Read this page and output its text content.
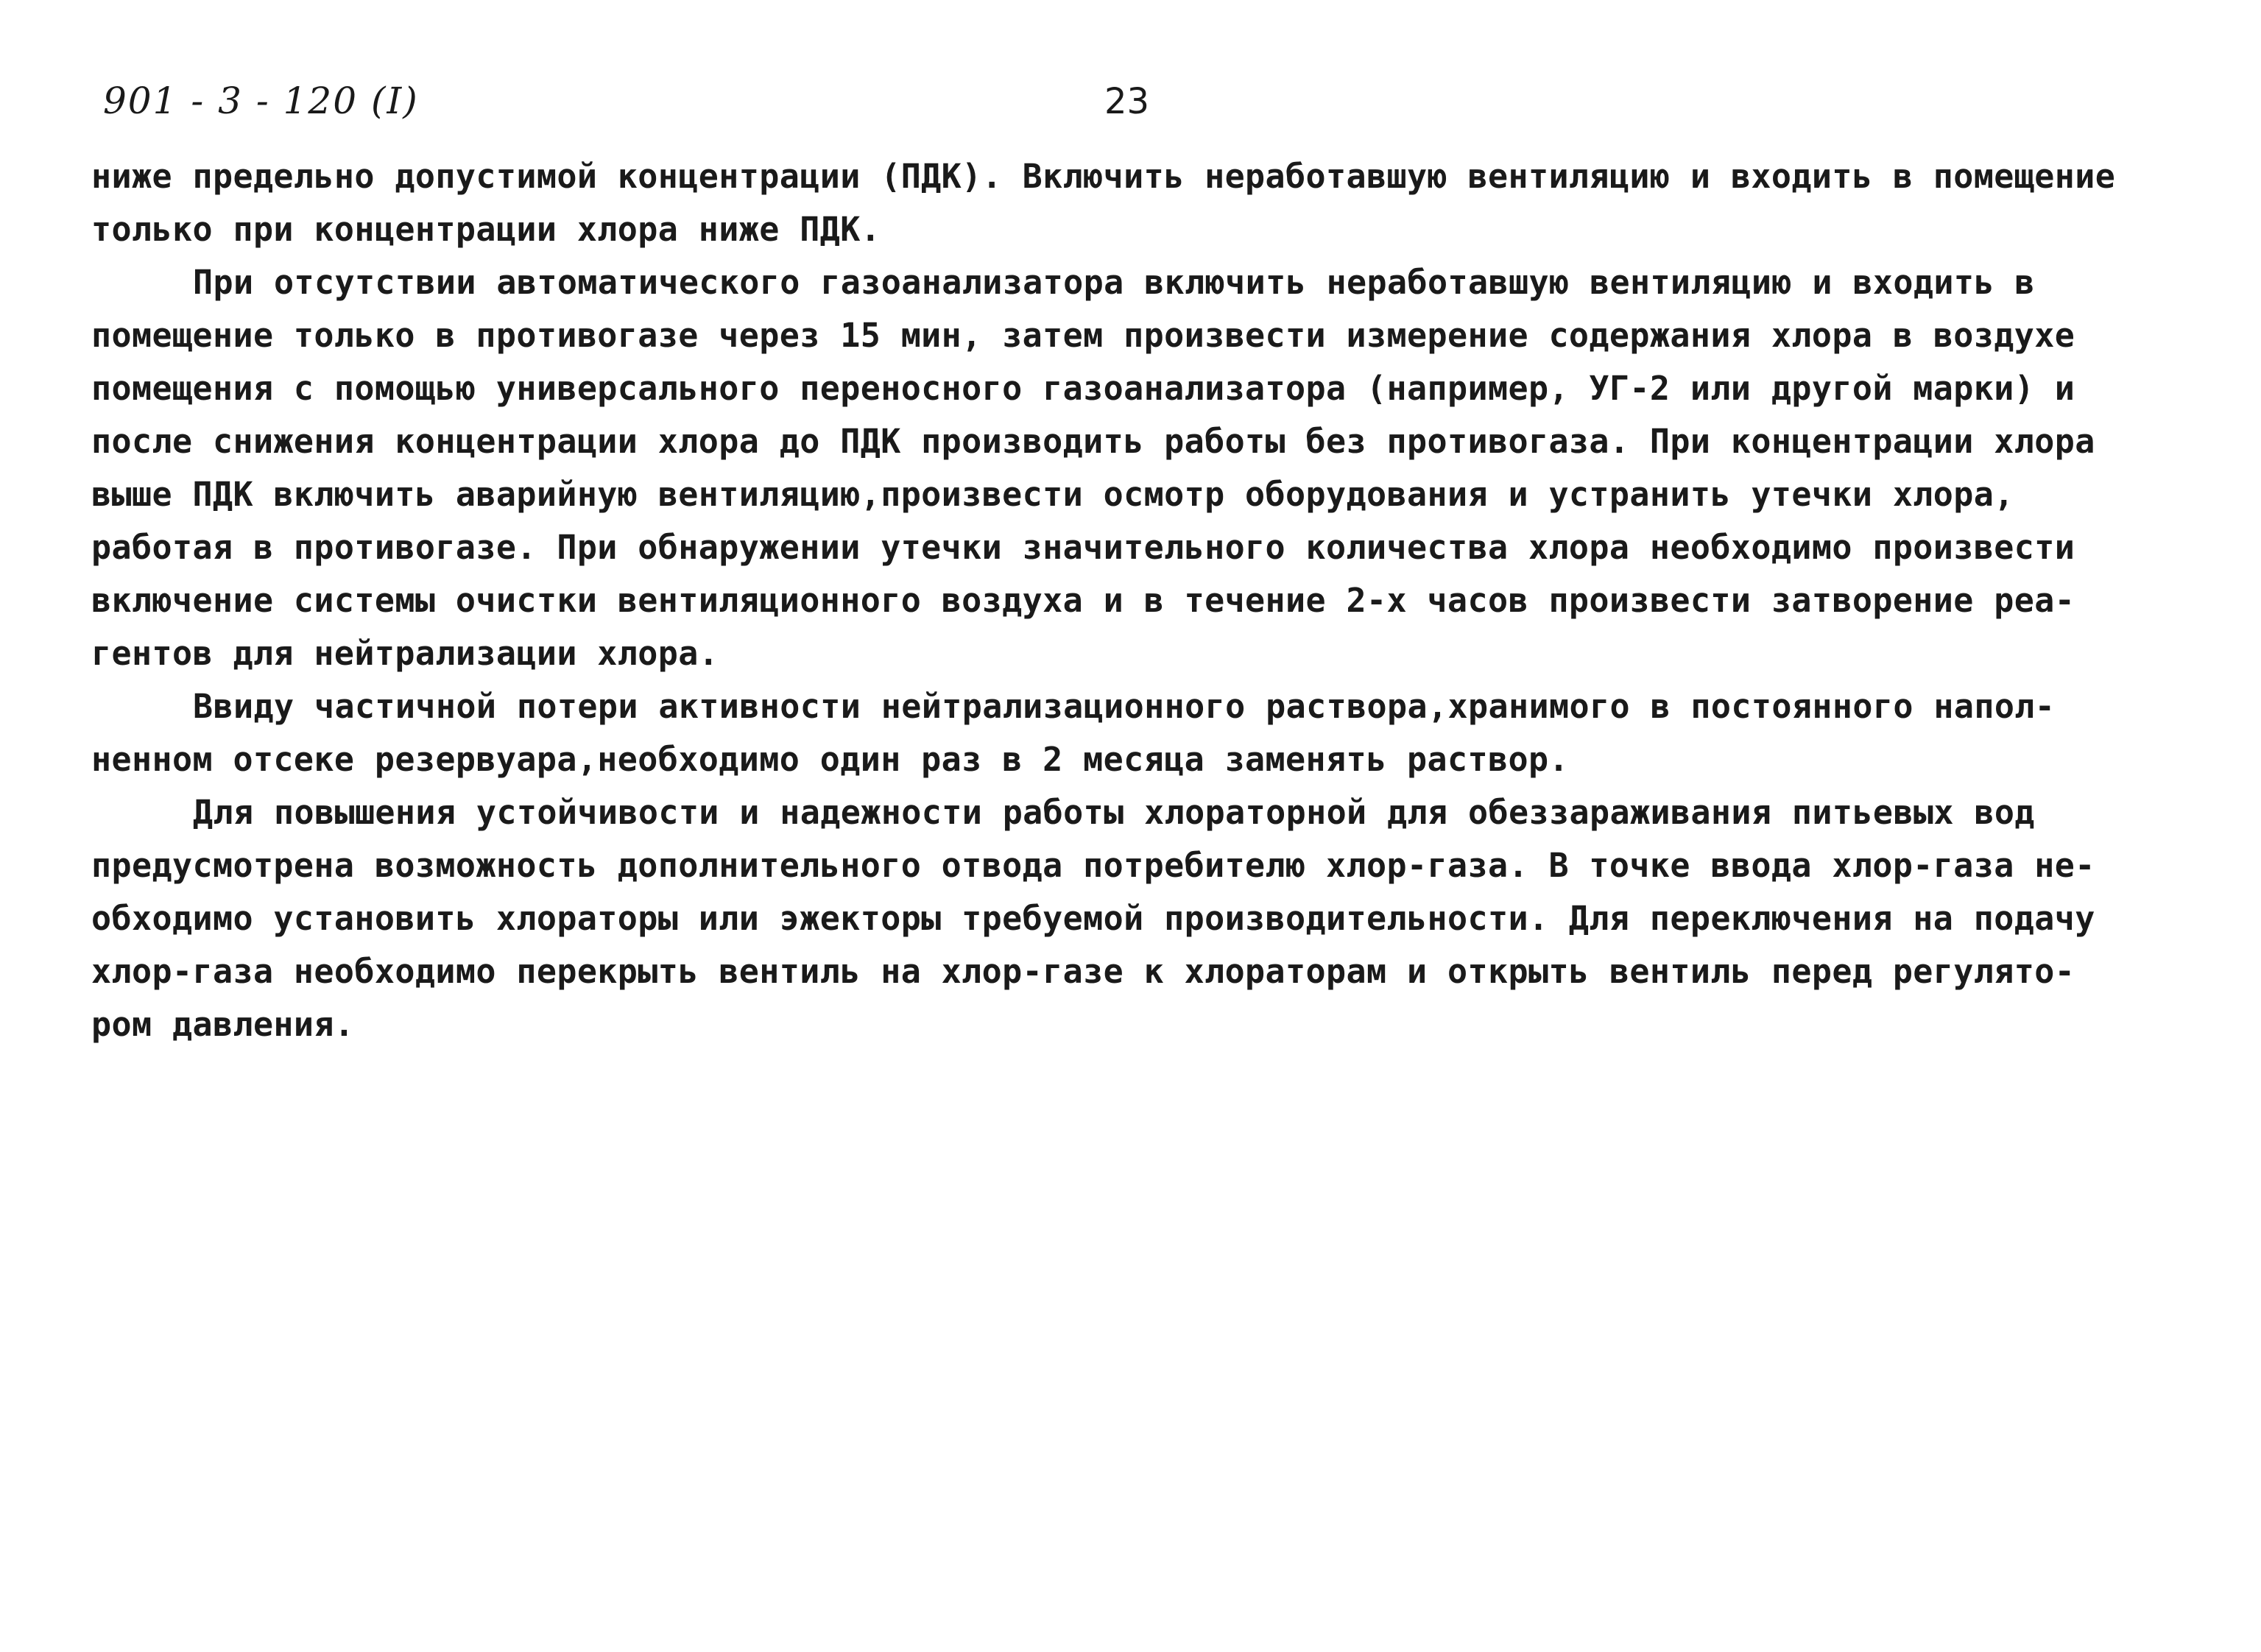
901 - 3 - 120 (I)	23
ниже предельно допустимой концентрации (ПДК). Включить неработавшую вентиляцию и входить в помещение
только при концентрации хлора ниже ПДК.
При отсутствии автоматического газоанализатора включить неработавшую вентиляцию и входить в
помещение только в противогазе через 15 мин, затем произвести измерение содержания хлора в воздухе
помещения с помощью универсального переносного газоанализатора (например, УГ-2 или другой марки) и
после снижения концентрации хлора до ПДК производить работы без противогаза. При концентрации хлора
выше ПДК включить аварийную вентиляцию,произвести осмотр оборудования и устранить утечки хлора,
работая в противогазе. При обнаружении утечки значительного количества хлора необходимо произвести
включение системы очистки вентиляционного воздуха и в течение 2-х часов произвести затворение реа-
гентов для нейтрализации хлора.
Ввиду частичной потери активности нейтрализационного раствора,хранимого в постоянного напол-
ненном отсеке резервуара,необходимо один раз в 2 месяца заменять раствор.
Для повышения устойчивости и надежности работы хлораторной для обеззараживания питьевых вод
предусмотрена возможность дополнительного отвода потребителю хлор-газа. В точке ввода хлор-газа не-
обходимо установить хлораторы или эжекторы требуемой производительности. Для переключения на подачу
хлор-газа необходимо перекрыть вентиль на хлор-газе к хлораторам и открыть вентиль перед регулято-
ром давления.
